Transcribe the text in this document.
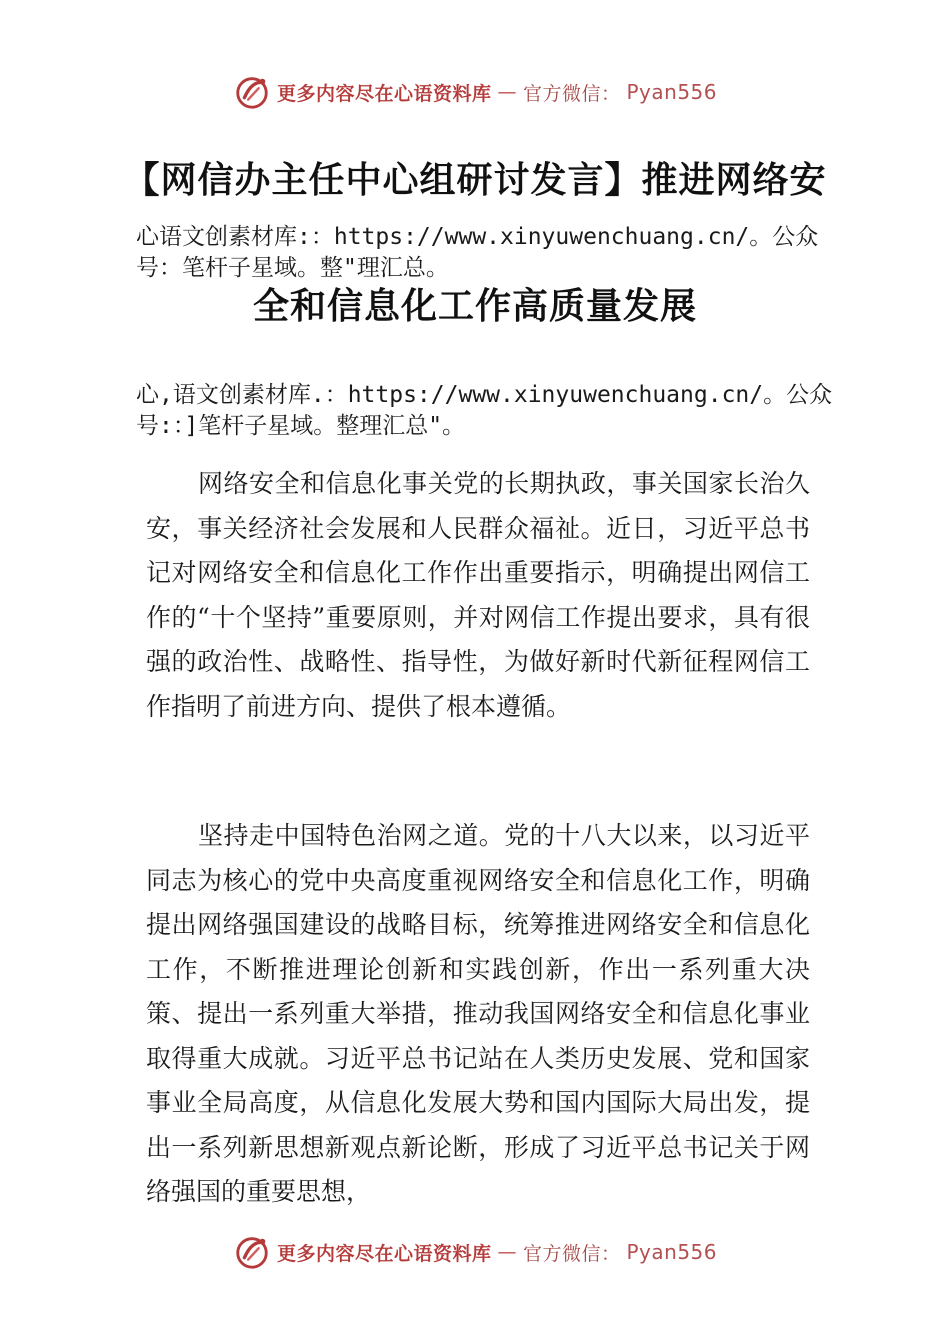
更多内容尽在心语资料库 — 官方微信： Pyan556
【网信办主任中心组研讨发言】推进网络安
心语文创素材库:：https://www.xinyuwenchuang.cn/。公众号：笔杆子星域。整"理汇总。
全和信息化工作高质量发展
心,语文创素材库.：https://www.xinyuwenchuang.cn/。公众号:：]笔杆子星域。整理汇总"。
网络安全和信息化事关党的长期执政，事关国家长治久安，事关经济社会发展和人民群众福祉。近日，习近平总书记对网络安全和信息化工作作出重要指示，明确提出网信工作的“十个坚持”重要原则，并对网信工作提出要求，具有很强的政治性、战略性、指导性，为做好新时代新征程网信工作指明了前进方向、提供了根本遵循。
坚持走中国特色治网之道。党的十八大以来，以习近平同志为核心的党中央高度重视网络安全和信息化工作，明确提出网络强国建设的战略目标，统筹推进网络安全和信息化工作，不断推进理论创新和实践创新，作出一系列重大决策、提出一系列重大举措，推动我国网络安全和信息化事业取得重大成就。习近平总书记站在人类历史发展、党和国家事业全局高度，从信息化发展大势和国内国际大局出发，提出一系列新思想新观点新论断，形成了习近平总书记关于网络强国的重要思想，
更多内容尽在心语资料库 — 官方微信： Pyan556
